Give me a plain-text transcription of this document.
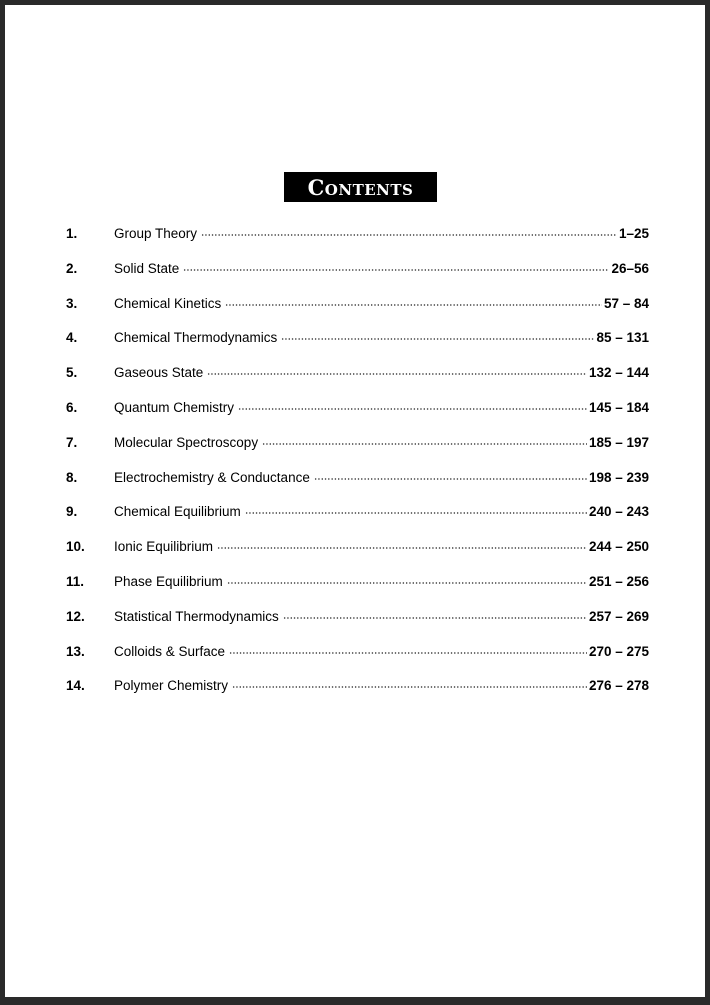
Contents
1.	Group Theory	1–25
2.	Solid State	26–56
3.	Chemical Kinetics	57 – 84
4.	Chemical Thermodynamics	85 – 131
5.	Gaseous State	132 – 144
6.	Quantum Chemistry	145 – 184
7.	Molecular Spectroscopy	185 – 197
8.	Electrochemistry & Conductance	198 – 239
9.	Chemical Equilibrium	240 – 243
10.	Ionic Equilibrium	244 – 250
11.	Phase Equilibrium	251 – 256
12.	Statistical Thermodynamics	257 – 269
13.	Colloids & Surface	270 – 275
14.	Polymer Chemistry	276 – 278
